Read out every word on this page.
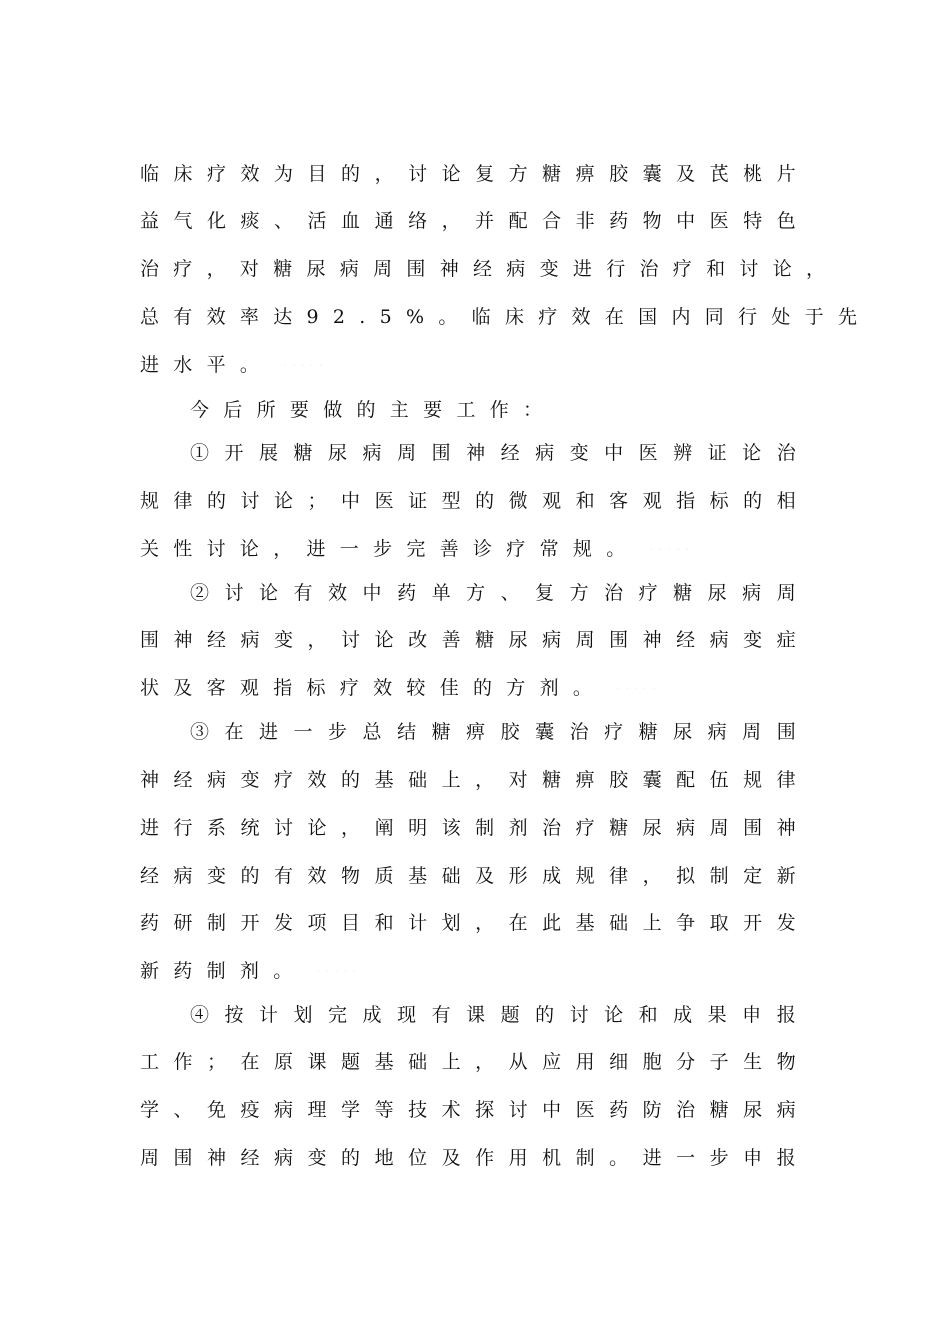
临床疗效为目的，讨论复方糖痹胶囊及芪桃片
益气化痰、活血通络，并配合非药物中医特色
治疗，对糖尿病周围神经病变进行治疗和讨论，
总有效率达92.5%。临床疗效在国内同行处于先
进水平。 · · · · ·
今后所要做的主要工作：
①开展糖尿病周围神经病变中医辨证论治
规律的讨论；中医证型的微观和客观指标的相
关性讨论，进一步完善诊疗常规。 · · · · ·
②讨论有效中药单方、复方治疗糖尿病周
围神经病变，讨论改善糖尿病周围神经病变症
状及客观指标疗效较佳的方剂。 · · · · ·
③在进一步总结糖痹胶囊治疗糖尿病周围
神经病变疗效的基础上，对糖痹胶囊配伍规律
进行系统讨论，阐明该制剂治疗糖尿病周围神
经病变的有效物质基础及形成规律，拟制定新
药研制开发项目和计划，在此基础上争取开发
新药制剂。 · · · · ·
④按计划完成现有课题的讨论和成果申报
工作；在原课题基础上，从应用细胞分子生物
学、免疫病理学等技术探讨中医药防治糖尿病
周围神经病变的地位及作用机制。进一步申报
